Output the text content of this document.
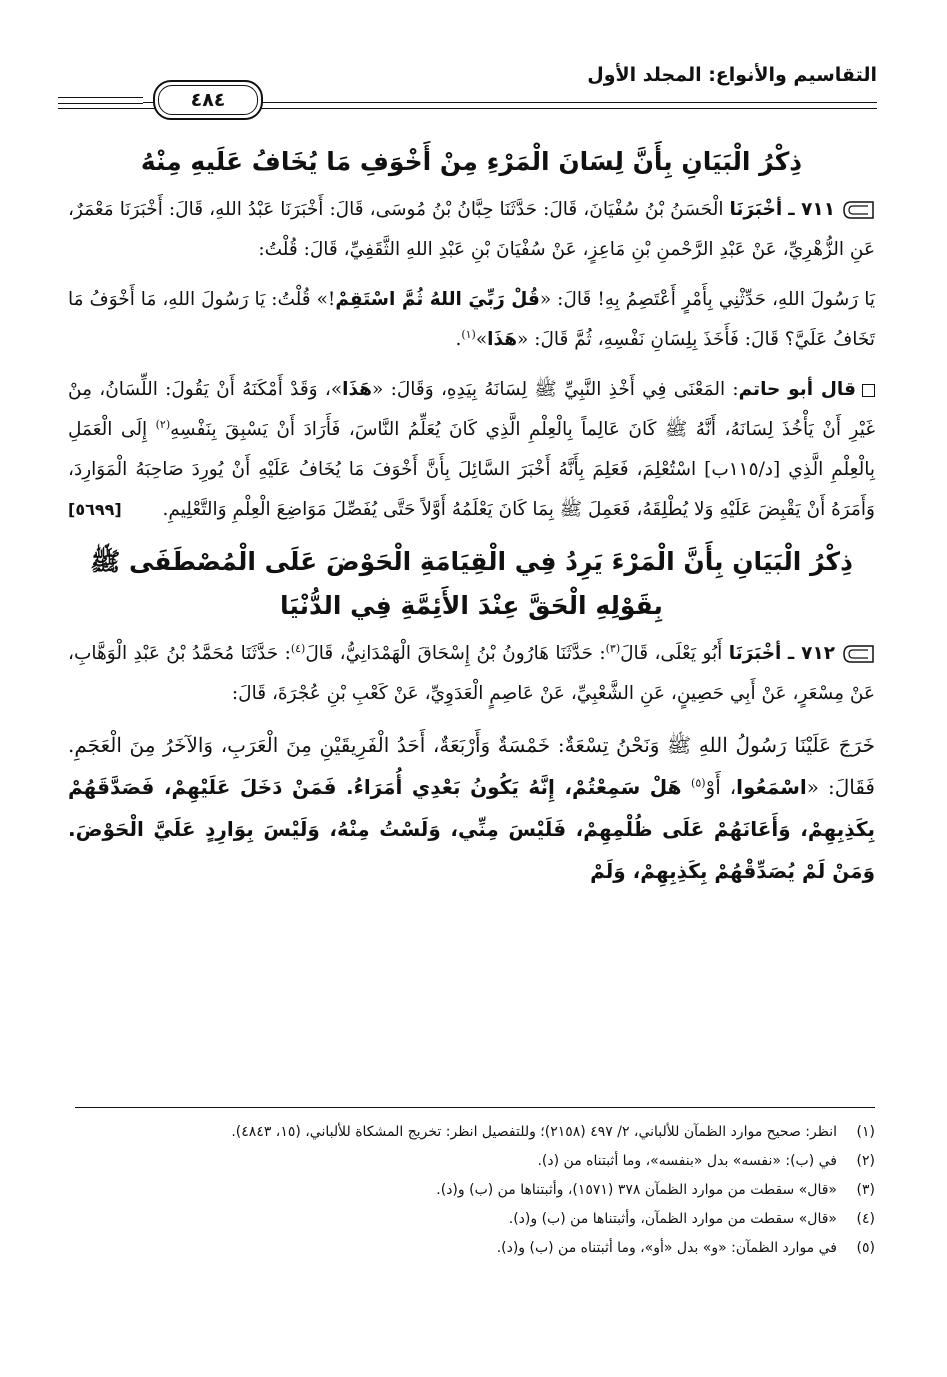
التقاسيم والأنواع: المجلد الأول
٤٨٤
ذِكْرُ الْبَيَانِ بِأَنَّ لِسَانَ الْمَرْءِ مِنْ أَخْوَفِ مَا يُخَافُ عَلَيهِ مِنْهُ

٧١١ ـ أخْبَرَنَا الْحَسَنُ بْنُ سُفْيَانَ، قَالَ: حَدَّثَنَا حِبَّانُ بْنُ مُوسَى، قَالَ: أَخْبَرَنَا عَبْدُ اللهِ، قَالَ: أَخْبَرَنَا مَعْمَرٌ، عَنِ الزُّهْرِيِّ، عَنْ عَبْدِ الرَّحْمنِ بْنِ مَاعِزٍ، عَنْ سُفْيَانَ بْنِ عَبْدِ اللهِ الثَّقَفِيِّ، قَالَ: قُلْتُ:

يَا رَسُولَ اللهِ، حَدِّثْنِي بِأَمْرٍ أَعْتَصِمُ بِهِ! قَالَ: «قُلْ رَبِّيَ اللهُ ثُمَّ اسْتَقِمْ!» قُلْتُ: يَا رَسُولَ اللهِ، مَا أَخْوَفُ مَا تَخَافُ عَلَيَّ؟ قَالَ: فَأَخَذَ بِلِسَانِ نَفْسِهِ، ثُمَّ قَالَ: «هَذَا»$^{(١)}$.

قال أبو حاتم: المَعْنَى فِي أَخْذِ النَّبِيِّ ﷺ لِسَانَهُ بِيَدِهِ، وَقَالَ: «هَذَا»، وَقَدْ أَمْكَنَهُ أَنْ يَقُولَ: اللِّسَانُ، مِنْ غَيْرِ أَنْ يَأْخُذَ لِسَانَهُ، أَنَّهُ ﷺ كَانَ عَالِماً بِالْعِلْمِ الَّذِي كَانَ يُعَلِّمُ النَّاسَ، فَأَرَادَ أَنْ يَسْبِقَ بِنَفْسِهِ$^{(٢)}$ إِلَى الْعَمَلِ بِالْعِلْمِ الَّذِي [د/١١٥ب] اسْتُعْلِمَ، فَعَلِمَ بِأَنَّهُ أَخْبَرَ السَّائِلَ بِأَنَّ أَخْوَفَ مَا يُخَافُ عَلَيْهِ أَنْ يُورِدَ صَاحِبَهُ الْمَوَارِدَ، وَأَمَرَهُ أَنْ يَقْبِضَ عَلَيْهِ وَلا يُطْلِقَهُ، فَعَمِلَ ﷺ بِمَا كَانَ يَعْلَمُهُ أَوَّلاً حَتَّى يُفَصِّلَ مَوَاضِعَ الْعِلْمِ وَالتَّعْلِيمِ.
[٥٦٩٩]

ذِكْرُ الْبَيَانِ بِأَنَّ الْمَرْءَ يَرِدُ فِي الْقِيَامَةِ الْحَوْضَ عَلَى الْمُصْطَفَى ﷺ
بِقَوْلِهِ الْحَقَّ عِنْدَ الأَئِمَّةِ فِي الدُّنْيَا

٧١٢ ـ أخْبَرَنَا أَبُو يَعْلَى، قَالَ$^{(٣)}$: حَدَّثَنَا هَارُونُ بْنُ إِسْحَاقَ الْهَمْدَانِيُّ، قَالَ$^{(٤)}$: حَدَّثَنَا مُحَمَّدُ بْنُ عَبْدِ الْوَهَّابِ، عَنْ مِسْعَرٍ، عَنْ أَبِي حَصِينٍ، عَنِ الشَّعْبِيِّ، عَنْ عَاصِمٍ الْعَدَوِيِّ، عَنْ كَعْبِ بْنِ عُجْرَةَ، قَالَ:

خَرَجَ عَلَيْنَا رَسُولُ اللهِ ﷺ وَنَحْنُ تِسْعَةٌ: خَمْسَةٌ وَأَرْبَعَةٌ، أَحَدُ الْفَرِيقَيْنِ مِنَ الْعَرَبِ، وَالآخَرُ مِنَ الْعَجَمِ. فَقَالَ: «اسْمَعُوا، أَوْ$^{(٥)}$ هَلْ سَمِعْتُمْ، إِنَّهُ يَكُونُ بَعْدِي أُمَرَاءُ. فَمَنْ دَخَلَ عَلَيْهِمْ، فَصَدَّقَهُمْ بِكَذِبِهِمْ، وَأَعَانَهُمْ عَلَى ظُلْمِهِمْ، فَلَيْسَ مِنِّي، وَلَسْتُ مِنْهُ، وَلَيْسَ بِوَارِدٍ عَلَيَّ الْحَوْضَ. وَمَنْ لَمْ يُصَدِّقْهُمْ بِكَذِبِهِمْ، وَلَمْ

(١)
انظر: صحيح موارد الظمآن للألباني، ٢/ ٤٩٧ (٢١٥٨)؛ وللتفصيل انظر: تخريج المشكاة للألباني، (١٥، ٤٨٤٣).
(٢)
في (ب): «نفسه» بدل «بنفسه»، وما أثبتناه من (د).
(٣)
«قال» سقطت من موارد الظمآن ٣٧٨ (١٥٧١)، وأثبتناها من (ب) و(د).
(٤)
«قال» سقطت من موارد الظمآن، وأثبتناها من (ب) و(د).
(٥)
في موارد الظمآن: «و» بدل «أو»، وما أثبتناه من (ب) و(د).
